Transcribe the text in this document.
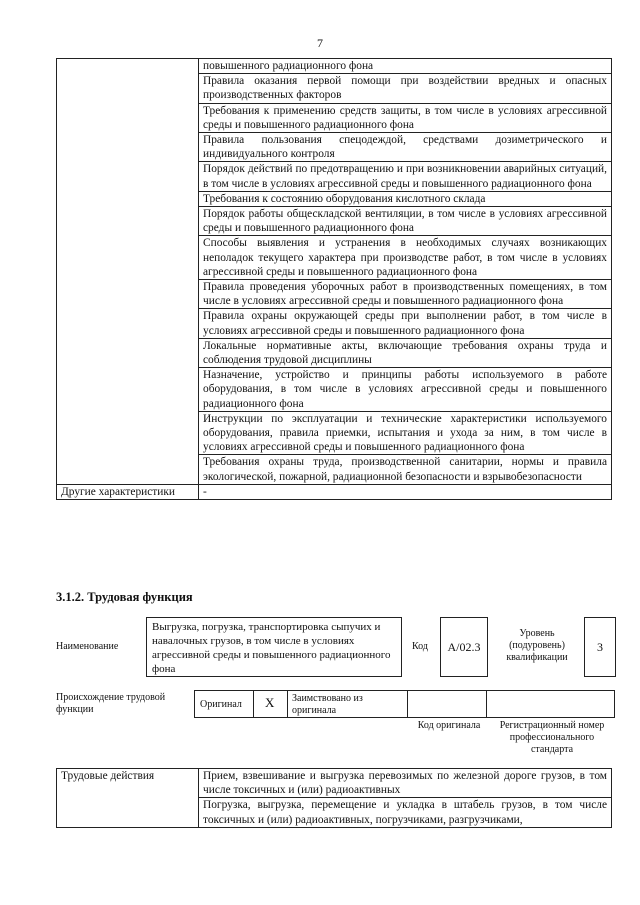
7
	повышенного радиационного фона
	Правила оказания первой помощи при воздействии вредных и опасных производственных факторов
	Требования к применению средств защиты, в том числе в условиях агрессивной среды и повышенного радиационного фона
	Правила пользования спецодеждой, средствами дозиметрического и индивидуального контроля
	Порядок действий по предотвращению и при возникновении аварийных ситуаций, в том числе в условиях агрессивной среды и повышенного радиационного фона
	Требования к состоянию оборудования кислотного склада
	Порядок работы общескладской вентиляции, в том числе в условиях агрессивной среды и повышенного радиационного фона
	Способы выявления и устранения в необходимых случаях возникающих неполадок текущего характера при производстве работ, в том числе в условиях агрессивной среды и повышенного радиационного фона
	Правила проведения уборочных работ в производственных помещениях, в том числе в условиях агрессивной среды и повышенного радиационного фона
	Правила охраны окружающей среды при выполнении работ, в том числе в условиях агрессивной среды и повышенного радиационного фона
	Локальные нормативные акты, включающие требования охраны труда и соблюдения трудовой дисциплины
	Назначение, устройство и принципы работы используемого в работе оборудования, в том числе в условиях агрессивной среды и повышенного радиационного фона
	Инструкции по эксплуатации и технические характеристики используемого оборудования, правила приемки, испытания и ухода за ним, в том числе в условиях агрессивной среды и повышенного радиационного фона
	Требования охраны труда, производственной санитарии, нормы и правила экологической, пожарной, радиационной безопасности и взрывобезопасности
Другие характеристики	-
3.1.2. Трудовая функция
Наименование
Выгрузка, погрузка, транспортировка сыпучих и навалочных грузов, в том числе в условиях агрессивной среды и повышенного радиационного фона
Код	A/02.3
Уровень (подуровень) квалификации
3
Происхождение трудовой функции	Оригинал X Заимствовано из оригинала
Код оригинала	Регистрационный номер профессионального стандарта
Трудовые действия	Прием, взвешивание и выгрузка перевозимых по железной дороге грузов, в том числе токсичных и (или) радиоактивных
Погрузка, выгрузка, перемещение и укладка в штабель грузов, в том числе токсичных и (или) радиоактивных, погрузчиками, разгрузчиками,
